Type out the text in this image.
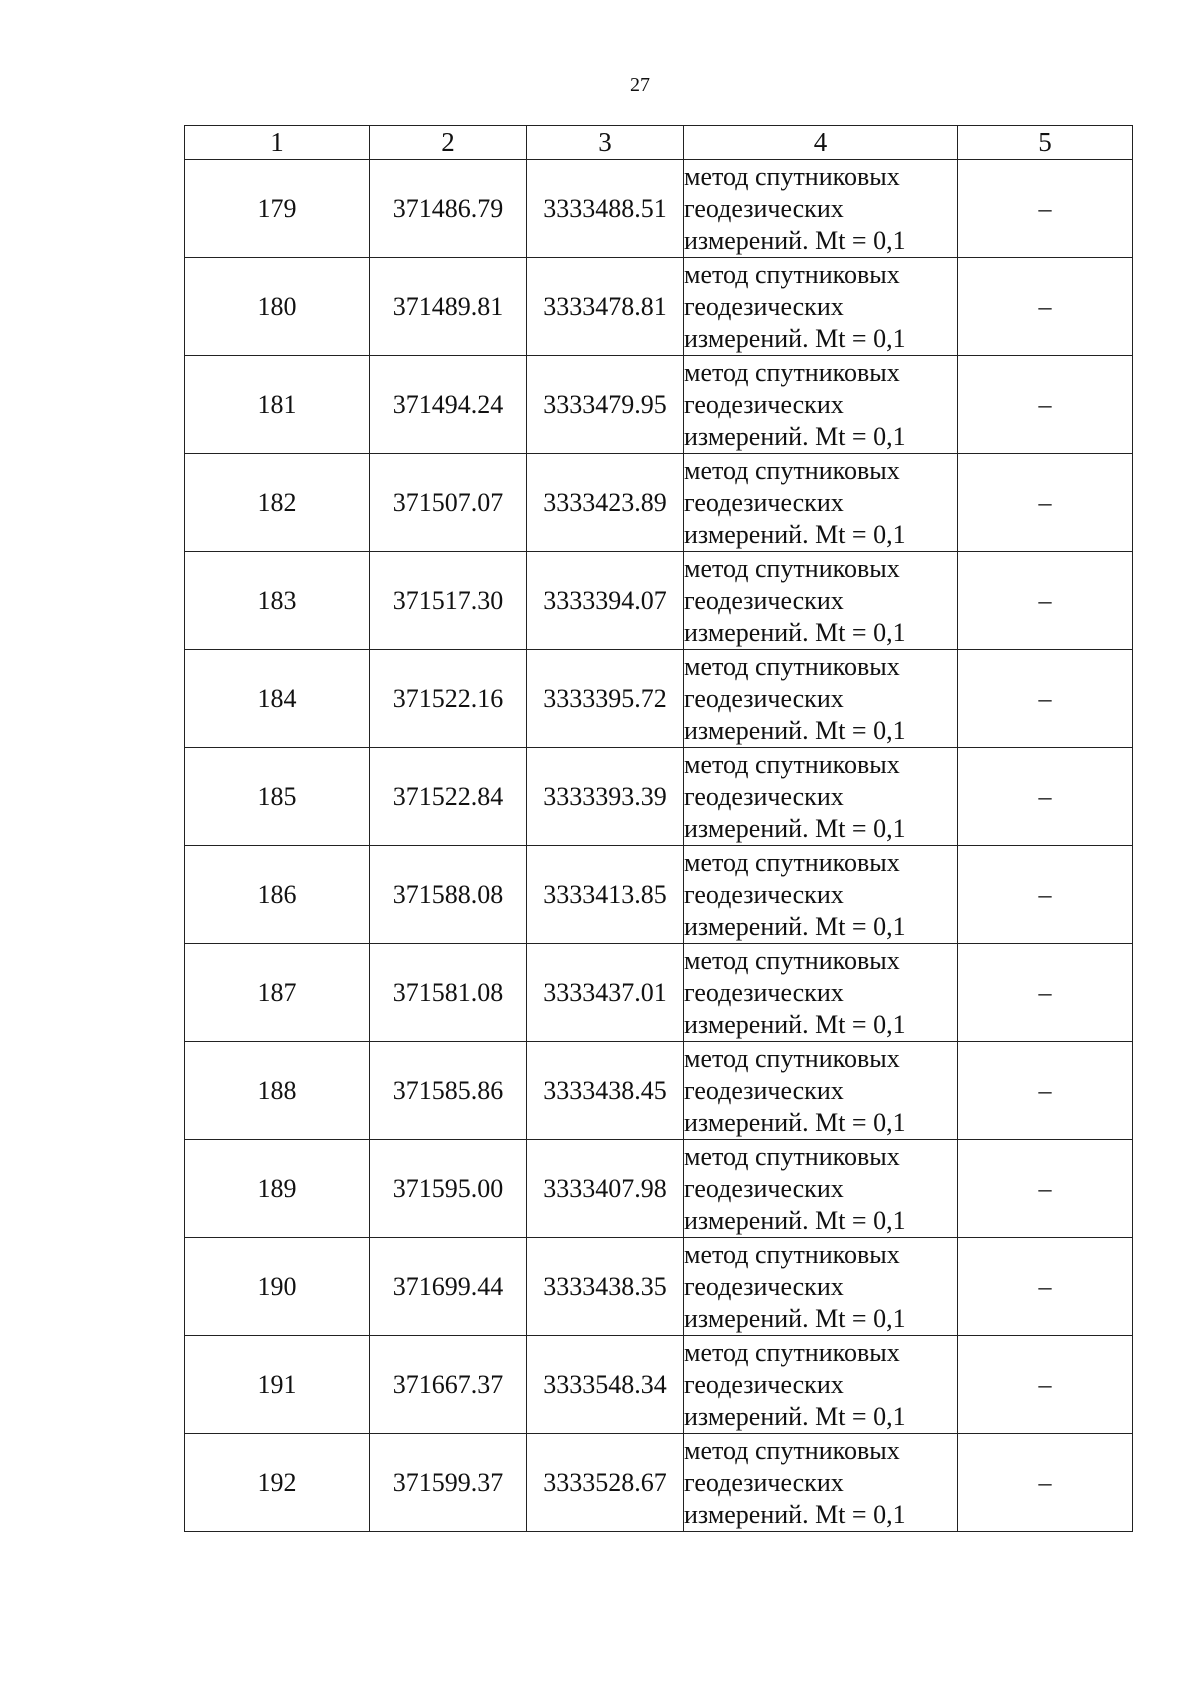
27
1	2	3	4	5
179	371486.79	3333488.51	метод спутниковых
геодезических
измерений. Mt = 0,1	–
180	371489.81	3333478.81	метод спутниковых
геодезических
измерений. Mt = 0,1	–
181	371494.24	3333479.95	метод спутниковых
геодезических
измерений. Mt = 0,1	–
182	371507.07	3333423.89	метод спутниковых
геодезических
измерений. Mt = 0,1	–
183	371517.30	3333394.07	метод спутниковых
геодезических
измерений. Mt = 0,1	–
184	371522.16	3333395.72	метод спутниковых
геодезических
измерений. Mt = 0,1	–
185	371522.84	3333393.39	метод спутниковых
геодезических
измерений. Mt = 0,1	–
186	371588.08	3333413.85	метод спутниковых
геодезических
измерений. Mt = 0,1	–
187	371581.08	3333437.01	метод спутниковых
геодезических
измерений. Mt = 0,1	–
188	371585.86	3333438.45	метод спутниковых
геодезических
измерений. Mt = 0,1	–
189	371595.00	3333407.98	метод спутниковых
геодезических
измерений. Mt = 0,1	–
190	371699.44	3333438.35	метод спутниковых
геодезических
измерений. Mt = 0,1	–
191	371667.37	3333548.34	метод спутниковых
геодезических
измерений. Mt = 0,1	–
192	371599.37	3333528.67	метод спутниковых
геодезических
измерений. Mt = 0,1	–
